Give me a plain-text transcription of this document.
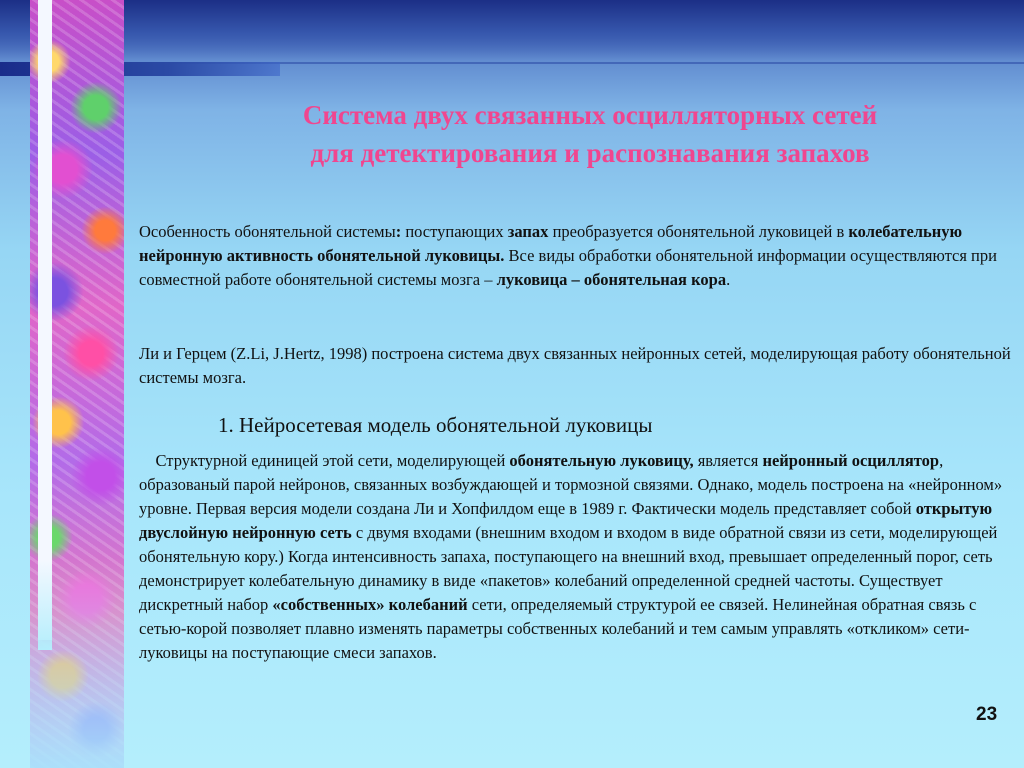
Система двух связанных осцилляторных сетей
для детектирования и распознавания запахов
Особенность обонятельной системы: поступающих запах преобразуется обонятельной луковицей в колебательную нейронную активность обонятельной луковицы. Все виды обработки обонятельной информации осуществляются при совместной работе обонятельной системы мозга – луковица – обонятельная кора.
Ли и Герцем (Z.Li, J.Hertz, 1998) построена система двух связанных нейронных сетей, моделирующая работу обонятельной системы мозга.
1. Нейросетевая модель обонятельной луковицы
Структурной единицей этой сети, моделирующей обонятельную луковицу, является нейронный осциллятор, образованый парой нейронов, связанных возбуждающей и тормозной связями. Однако, модель построена на «нейронном» уровне. Первая версия модели создана Ли и Хопфилдом еще в 1989 г. Фактически модель представляет собой открытую двуслойную нейронную сеть с двумя входами (внешним входом и входом в виде обратной связи из сети, моделирующей обонятельную кору.) Когда интенсивность запаха, поступающего на внешний вход, превышает определенный порог, сеть демонстрирует колебательную динамику в виде «пакетов» колебаний определенной средней частоты. Существует дискретный набор «собственных» колебаний сети, определяемый структурой ее связей. Нелинейная обратная связь с сетью-корой позволяет плавно изменять параметры собственных колебаний и тем самым управлять «откликом» сети-луковицы на поступающие смеси запахов.
23
